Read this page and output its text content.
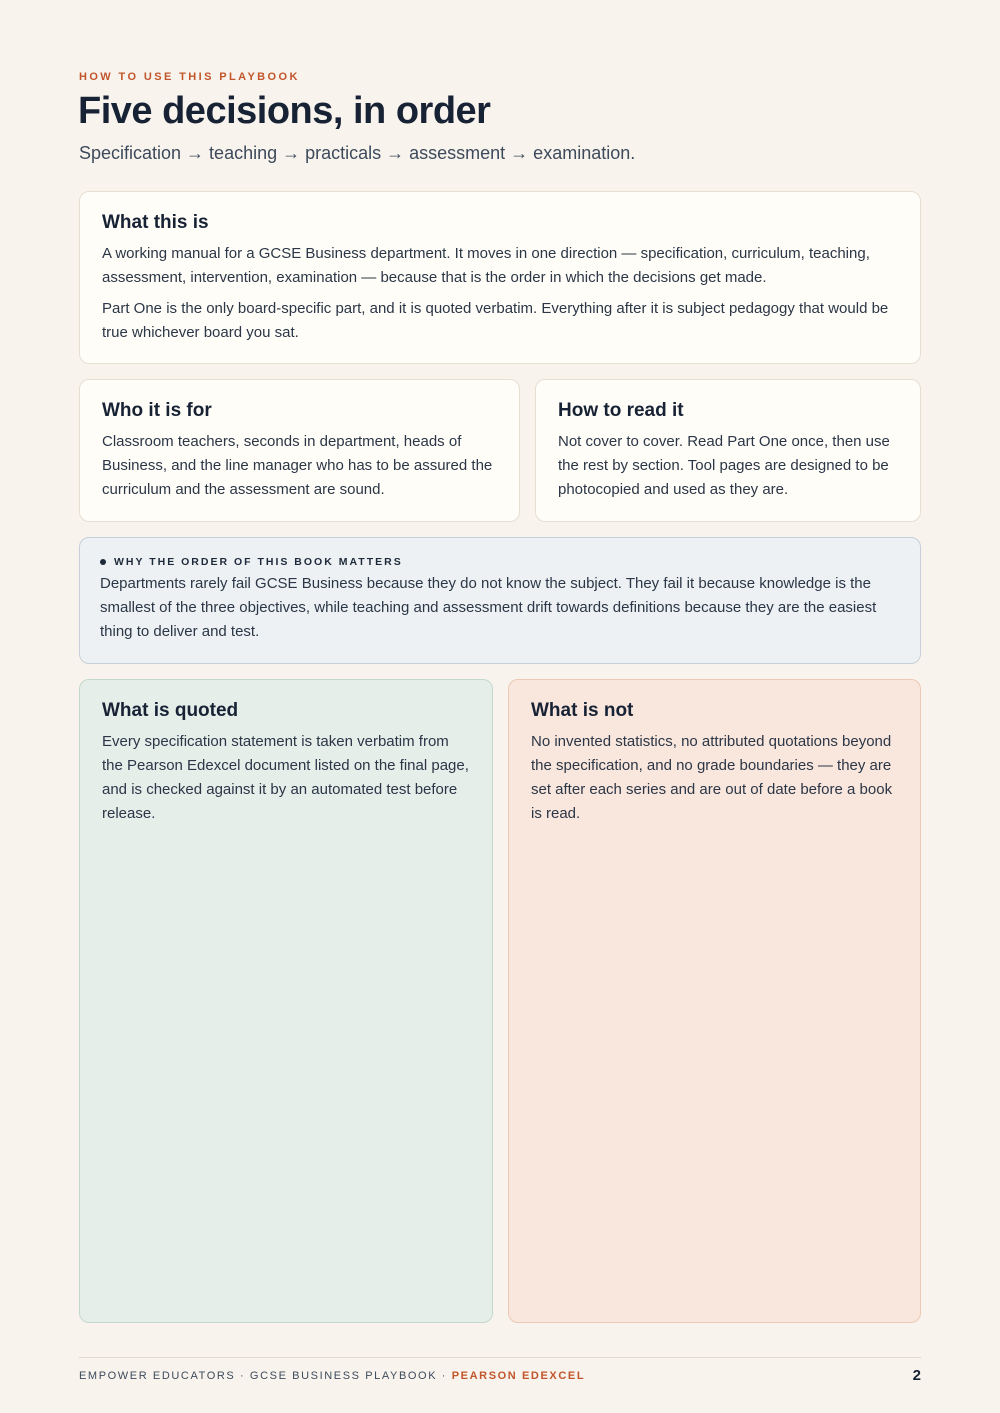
HOW TO USE THIS PLAYBOOK
Five decisions, in order
Specification → teaching → practicals → assessment → examination.
What this is

A working manual for a GCSE Business department. It moves in one direction — specification, curriculum, teaching, assessment, intervention, examination — because that is the order in which the decisions get made.

Part One is the only board-specific part, and it is quoted verbatim. Everything after it is subject pedagogy that would be true whichever board you sat.

Who it is for

Classroom teachers, seconds in department, heads of Business, and the line manager who has to be assured the curriculum and the assessment are sound.

How to read it

Not cover to cover. Read Part One once, then use the rest by section. Tool pages are designed to be photocopied and used as they are.

WHY THE ORDER OF THIS BOOK MATTERS

Departments rarely fail GCSE Business because they do not know the subject. They fail it because knowledge is the smallest of the three objectives, while teaching and assessment drift towards definitions because they are the easiest thing to deliver and test.

What is quoted

Every specification statement is taken verbatim from the Pearson Edexcel document listed on the final page, and is checked against it by an automated test before release.

What is not

No invented statistics, no attributed quotations beyond the specification, and no grade boundaries — they are set after each series and are out of date before a book is read.

EMPOWER EDUCATORS · GCSE BUSINESS PLAYBOOK · PEARSON EDEXCEL	2
